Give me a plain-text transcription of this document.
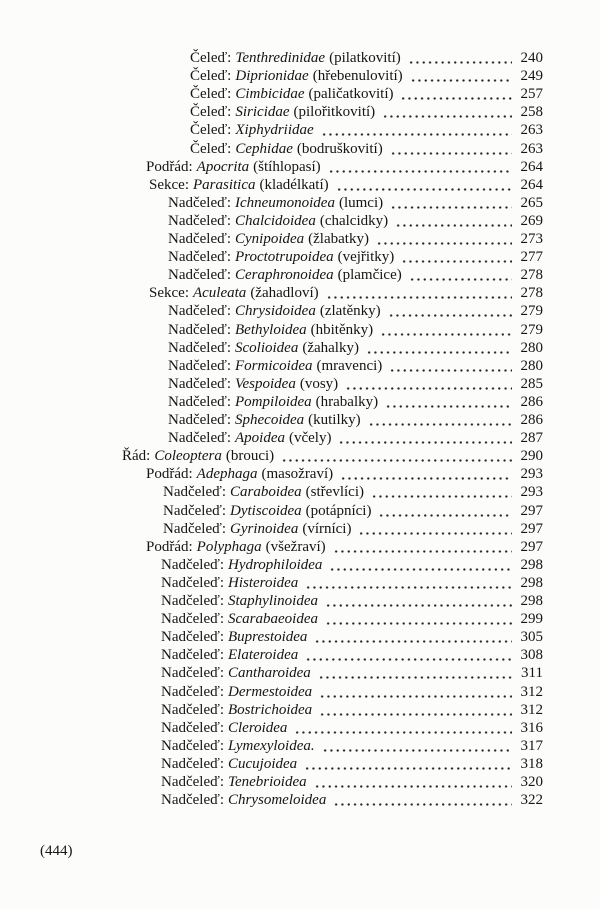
Čeleď: Tenthredinidae (pilatkovití)	240
Čeleď: Diprionidae (hřebenulovití)	249
Čeleď: Cimbicidae (paličatkovití)	257
Čeleď: Siricidae (pilořitkovití)	258
Čeleď: Xiphydriidae	263
Čeleď: Cephidae (bodruškovití)	263
Podřád: Apocrita (štíhlopasí)	264
Sekce: Parasitica (kladélkatí)	264
Nadčeleď: Ichneumonoidea (lumci)	265
Nadčeleď: Chalcidoidea (chalcidky)	269
Nadčeleď: Cynipoidea (žlabatky)	273
Nadčeleď: Proctotrupoidea (vejřitky)	277
Nadčeleď: Ceraphronoidea (plamčice)	278
Sekce: Aculeata (žahadloví)	278
Nadčeleď: Chrysidoidea (zlatěnky)	279
Nadčeleď: Bethyloidea (hbitěnky)	279
Nadčeleď: Scolioidea (žahalky)	280
Nadčeleď: Formicoidea (mravenci)	280
Nadčeleď: Vespoidea (vosy)	285
Nadčeleď: Pompiloidea (hrabalky)	286
Nadčeleď: Sphecoidea (kutilky)	286
Nadčeleď: Apoidea (včely)	287
Řád: Coleoptera (brouci)	290
Podřád: Adephaga (masožraví)	293
Nadčeleď: Caraboidea (střevlíci)	293
Nadčeleď: Dytiscoidea (potápníci)	297
Nadčeleď: Gyrinoidea (vírníci)	297
Podřád: Polyphaga (všežraví)	297
Nadčeleď: Hydrophiloidea	298
Nadčeleď: Histeroidea	298
Nadčeleď: Staphylinoidea	298
Nadčeleď: Scarabaeoidea	299
Nadčeleď: Buprestoidea	305
Nadčeleď: Elateroidea	308
Nadčeleď: Cantharoidea	311
Nadčeleď: Dermestoidea	312
Nadčeleď: Bostrichoidea	312
Nadčeleď: Cleroidea	316
Nadčeleď: Lymexyloidea.	317
Nadčeleď: Cucujoidea	318
Nadčeleď: Tenebrioidea	320
Nadčeleď: Chrysomeloidea	322
(444)
